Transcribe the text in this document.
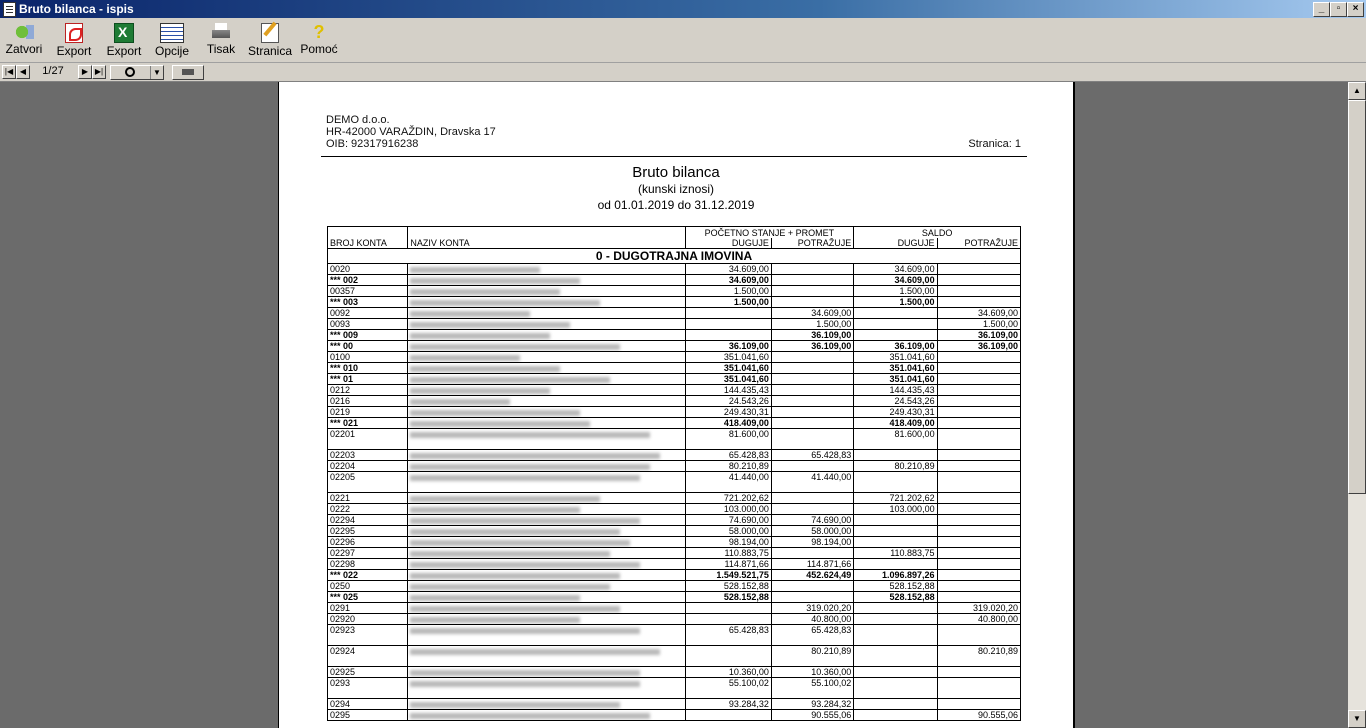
Bruto bilanca - ispis	_	▫	×
Zatvori Export
X Export Opcije Tisak Stranica
?
Pomoć
|◀ ◀	1/27	▶ ▶|	▼
DEMO d.o.o.
HR-42000 VARAŽDIN, Dravska 17
OIB: 92317916238	Stranica: 1
Bruto bilanca
(kunski iznosi)
od 01.01.2019 do 31.12.2019
BROJ KONTA	NAZIV KONTA	POČETNO STANJE + PROMET		SALDO	
		DUGUJE	POTRAŽUJE	DUGUJE	POTRAŽUJE
0 - DUGOTRAJNA IMOVINA					
0020		34.609,00		34.609,00	
*** 002		34.609,00		34.609,00	
00357		1.500,00		1.500,00	
*** 003		1.500,00		1.500,00	
0092			34.609,00		34.609,00
0093			1.500,00		1.500,00
*** 009			36.109,00		36.109,00
*** 00		36.109,00	36.109,00	36.109,00	36.109,00
0100		351.041,60		351.041,60	
*** 010		351.041,60		351.041,60	
*** 01		351.041,60		351.041,60	
0212		144.435,43		144.435,43	
0216		24.543,26		24.543,26	
0219		249.430,31		249.430,31	
*** 021		418.409,00		418.409,00	
02201		81.600,00		81.600,00	
02203		65.428,83	65.428,83		
02204		80.210,89		80.210,89	
02205		41.440,00	41.440,00		
0221		721.202,62		721.202,62	
0222		103.000,00		103.000,00	
02294		74.690,00	74.690,00		
02295		58.000,00	58.000,00		
02296		98.194,00	98.194,00		
02297		110.883,75		110.883,75	
02298		114.871,66	114.871,66		
*** 022		1.549.521,75	452.624,49	1.096.897,26	
0250		528.152,88		528.152,88	
*** 025		528.152,88		528.152,88	
0291			319.020,20		319.020,20
02920			40.800,00		40.800,00
02923		65.428,83	65.428,83		
02924			80.210,89		80.210,89
02925		10.360,00	10.360,00		
0293		55.100,02	55.100,02		
0294		93.284,32	93.284,32		
0295			90.555,06		90.555,06
▲
▼
